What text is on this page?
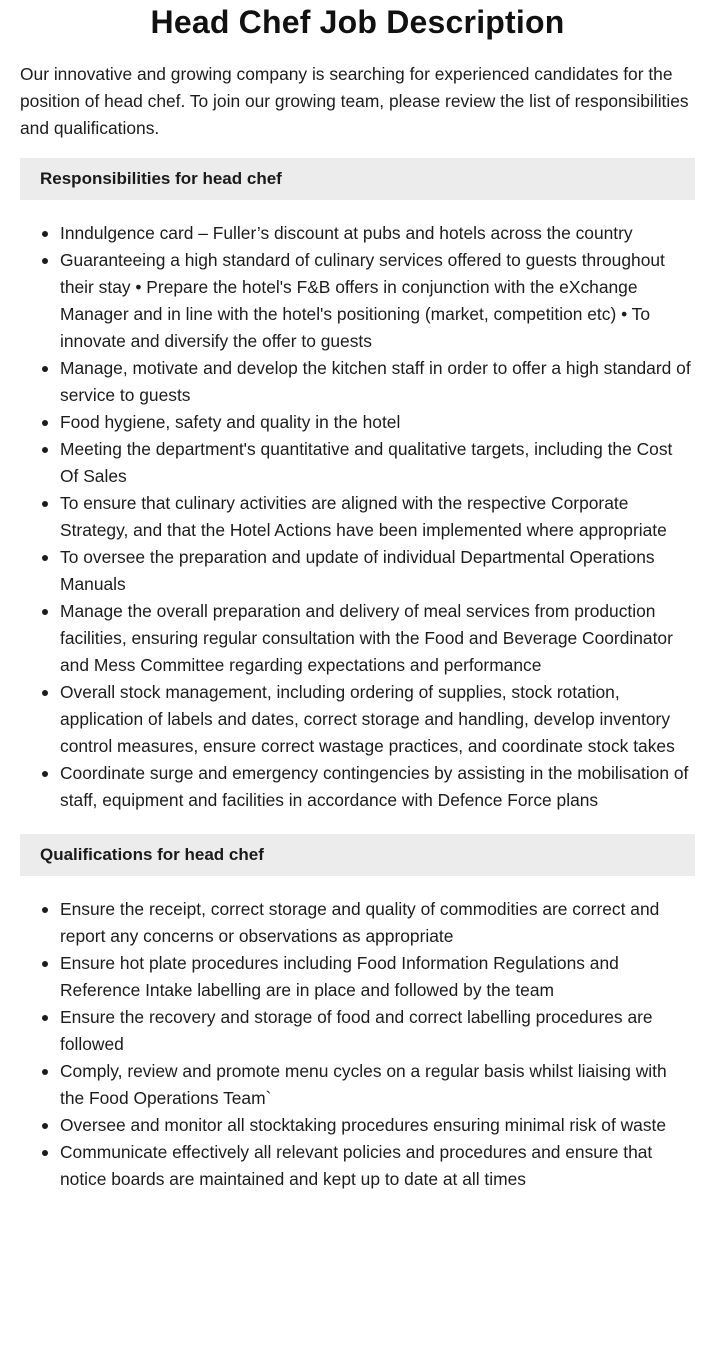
Head Chef Job Description

Our innovative and growing company is searching for experienced candidates for the position of head chef. To join our growing team, please review the list of responsibilities and qualifications.

Responsibilities for head chef
Inndulgence card – Fuller’s discount at pubs and hotels across the country
Guaranteeing a high standard of culinary services offered to guests throughout their stay • Prepare the hotel's F&B offers in conjunction with the eXchange Manager and in line with the hotel's positioning (market, competition etc) • To innovate and diversify the offer to guests
Manage, motivate and develop the kitchen staff in order to offer a high standard of service to guests
Food hygiene, safety and quality in the hotel
Meeting the department's quantitative and qualitative targets, including the Cost Of Sales
To ensure that culinary activities are aligned with the respective Corporate Strategy, and that the Hotel Actions have been implemented where appropriate
To oversee the preparation and update of individual Departmental Operations Manuals
Manage the overall preparation and delivery of meal services from production facilities, ensuring regular consultation with the Food and Beverage Coordinator and Mess Committee regarding expectations and performance
Overall stock management, including ordering of supplies, stock rotation, application of labels and dates, correct storage and handling, develop inventory control measures, ensure correct wastage practices, and coordinate stock takes
Coordinate surge and emergency contingencies by assisting in the mobilisation of staff, equipment and facilities in accordance with Defence Force plans
Qualifications for head chef
Ensure the receipt, correct storage and quality of commodities are correct and report any concerns or observations as appropriate
Ensure hot plate procedures including Food Information Regulations and Reference Intake labelling are in place and followed by the team
Ensure the recovery and storage of food and correct labelling procedures are followed
Comply, review and promote menu cycles on a regular basis whilst liaising with the Food Operations Team`
Oversee and monitor all stocktaking procedures ensuring minimal risk of waste
Communicate effectively all relevant policies and procedures and ensure that notice boards are maintained and kept up to date at all times
